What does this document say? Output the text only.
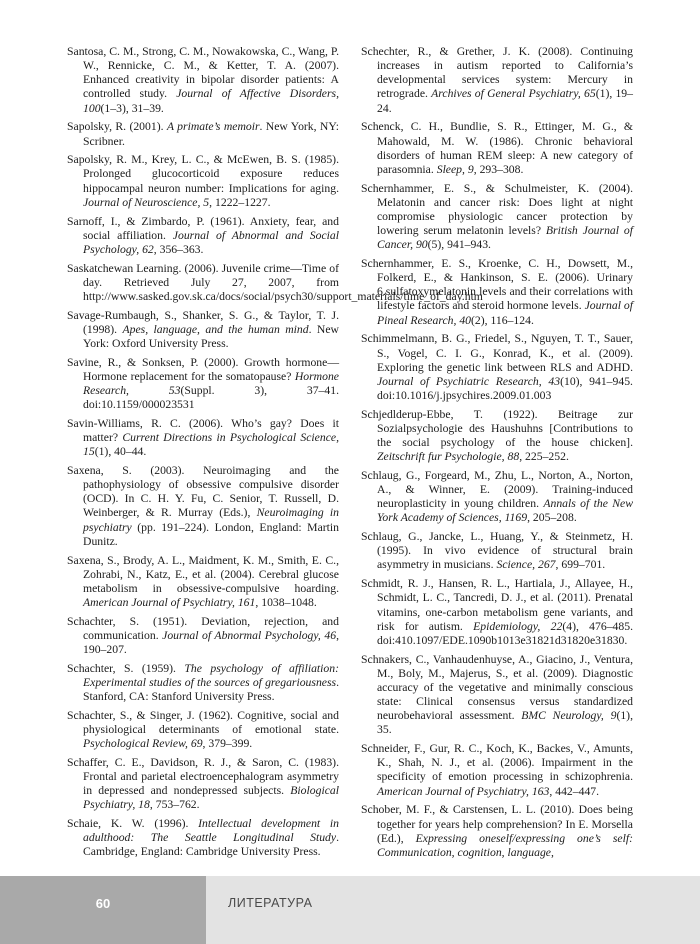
Santosa, C. M., Strong, C. M., Nowakowska, C., Wang, P. W., Rennicke, C. M., & Ketter, T. A. (2007). Enhanced creativity in bipolar disorder patients: A controlled study. Journal of Affective Disorders, 100(1–3), 31–39.

Sapolsky, R. (2001). A primate’s memoir. New York, NY: Scribner.

Sapolsky, R. M., Krey, L. C., & McEwen, B. S. (1985). Prolonged glucocorticoid exposure reduces hippocampal neuron number: Implications for aging. Journal of Neuroscience, 5, 1222–1227.

Sarnoff, I., & Zimbardo, P. (1961). Anxiety, fear, and social affiliation. Journal of Abnormal and Social Psychology, 62, 356–363.

Saskatchewan Learning. (2006). Juvenile crime—Time of day. Retrieved July 27, 2007, from http://www.sasked.gov.sk.ca/docs/social/psych30/support_materials/time_of_day.htm

Savage-Rumbaugh, S., Shanker, S. G., & Taylor, T. J. (1998). Apes, language, and the human mind. New York: Oxford University Press.

Savine, R., & Sonksen, P. (2000). Growth hormone—Hormone replacement for the somatopause? Hormone Research, 53(Suppl. 3), 37–41. doi:10.1159/000023531

Savin-Williams, R. C. (2006). Who’s gay? Does it matter? Current Directions in Psychological Science, 15(1), 40–44.

Saxena, S. (2003). Neuroimaging and the pathophysiology of obsessive compulsive disorder (OCD). In C. H. Y. Fu, C. Senior, T. Russell, D. Weinberger, & R. Murray (Eds.), Neuroimaging in psychiatry (pp. 191–224). London, England: Martin Dunitz.

Saxena, S., Brody, A. L., Maidment, K. M., Smith, E. C., Zohrabi, N., Katz, E., et al. (2004). Cerebral glucose metabolism in obsessive-compulsive hoarding. American Journal of Psychiatry, 161, 1038–1048.

Schachter, S. (1951). Deviation, rejection, and communication. Journal of Abnormal Psychology, 46, 190–207.

Schachter, S. (1959). The psychology of affiliation: Experimental studies of the sources of gregariousness. Stanford, CA: Stanford University Press.

Schachter, S., & Singer, J. (1962). Cognitive, social and physiological determinants of emotional state. Psychological Review, 69, 379–399.

Schaffer, C. E., Davidson, R. J., & Saron, C. (1983). Frontal and parietal electroencephalogram asymmetry in depressed and nondepressed subjects. Biological Psychiatry, 18, 753–762.

Schaie, K. W. (1996). Intellectual development in adulthood: The Seattle Longitudinal Study. Cambridge, England: Cambridge University Press.

Schechter, R., & Grether, J. K. (2008). Continuing increases in autism reported to California’s developmental services system: Mercury in retrograde. Archives of General Psychiatry, 65(1), 19–24.

Schenck, C. H., Bundlie, S. R., Ettinger, M. G., & Mahowald, M. W. (1986). Chronic behavioral disorders of human REM sleep: A new category of parasomnia. Sleep, 9, 293–308.

Schernhammer, E. S., & Schulmeister, K. (2004). Melatonin and cancer risk: Does light at night compromise physiologic cancer protection by lowering serum melatonin levels? British Journal of Cancer, 90(5), 941–943.

Schernhammer, E. S., Kroenke, C. H., Dowsett, M., Folkerd, E., & Hankinson, S. E. (2006). Urinary 6.sulfatoxymelatonin levels and their correlations with lifestyle factors and steroid hormone levels. Journal of Pineal Research, 40(2), 116–124.

Schimmelmann, B. G., Friedel, S., Nguyen, T. T., Sauer, S., Vogel, C. I. G., Konrad, K., et al. (2009). Exploring the genetic link between RLS and ADHD. Journal of Psychiatric Research, 43(10), 941–945. doi:10.1016/j.jpsychires.2009.01.003

Schjedlderup-Ebbe, T. (1922). Beitrage zur Sozialpsychologie des Haushuhns [Contributions to the social psychology of the house chicken]. Zeitschrift fur Psychologie, 88, 225–252.

Schlaug, G., Forgeard, M., Zhu, L., Norton, A., Norton, A., & Winner, E. (2009). Training-induced neuroplasticity in young children. Annals of the New York Academy of Sciences, 1169, 205–208.

Schlaug, G., Jancke, L., Huang, Y., & Steinmetz, H. (1995). In vivo evidence of structural brain asymmetry in musicians. Science, 267, 699–701.

Schmidt, R. J., Hansen, R. L., Hartiala, J., Allayee, H., Schmidt, L. C., Tancredi, D. J., et al. (2011). Prenatal vitamins, one-carbon metabolism gene variants, and risk for autism. Epidemiology, 22(4), 476–485. doi:410.1097/EDE.1090b1013e31821d31820e31830.

Schnakers, C., Vanhaudenhuyse, A., Giacino, J., Ventura, M., Boly, M., Majerus, S., et al. (2009). Diagnostic accuracy of the vegetative and minimally conscious state: Clinical consensus versus standardized neurobehavioral assessment. BMC Neurology, 9(1), 35.

Schneider, F., Gur, R. C., Koch, K., Backes, V., Amunts, K., Shah, N. J., et al. (2006). Impairment in the specificity of emotion processing in schizophrenia. American Journal of Psychiatry, 163, 442–447.

Schober, M. F., & Carstensen, L. L. (2010). Does being together for years help comprehension? In E. Morsella (Ed.), Expressing oneself/expressing one’s self: Communication, cognition, language,

60	ЛИТЕРАТУРА
